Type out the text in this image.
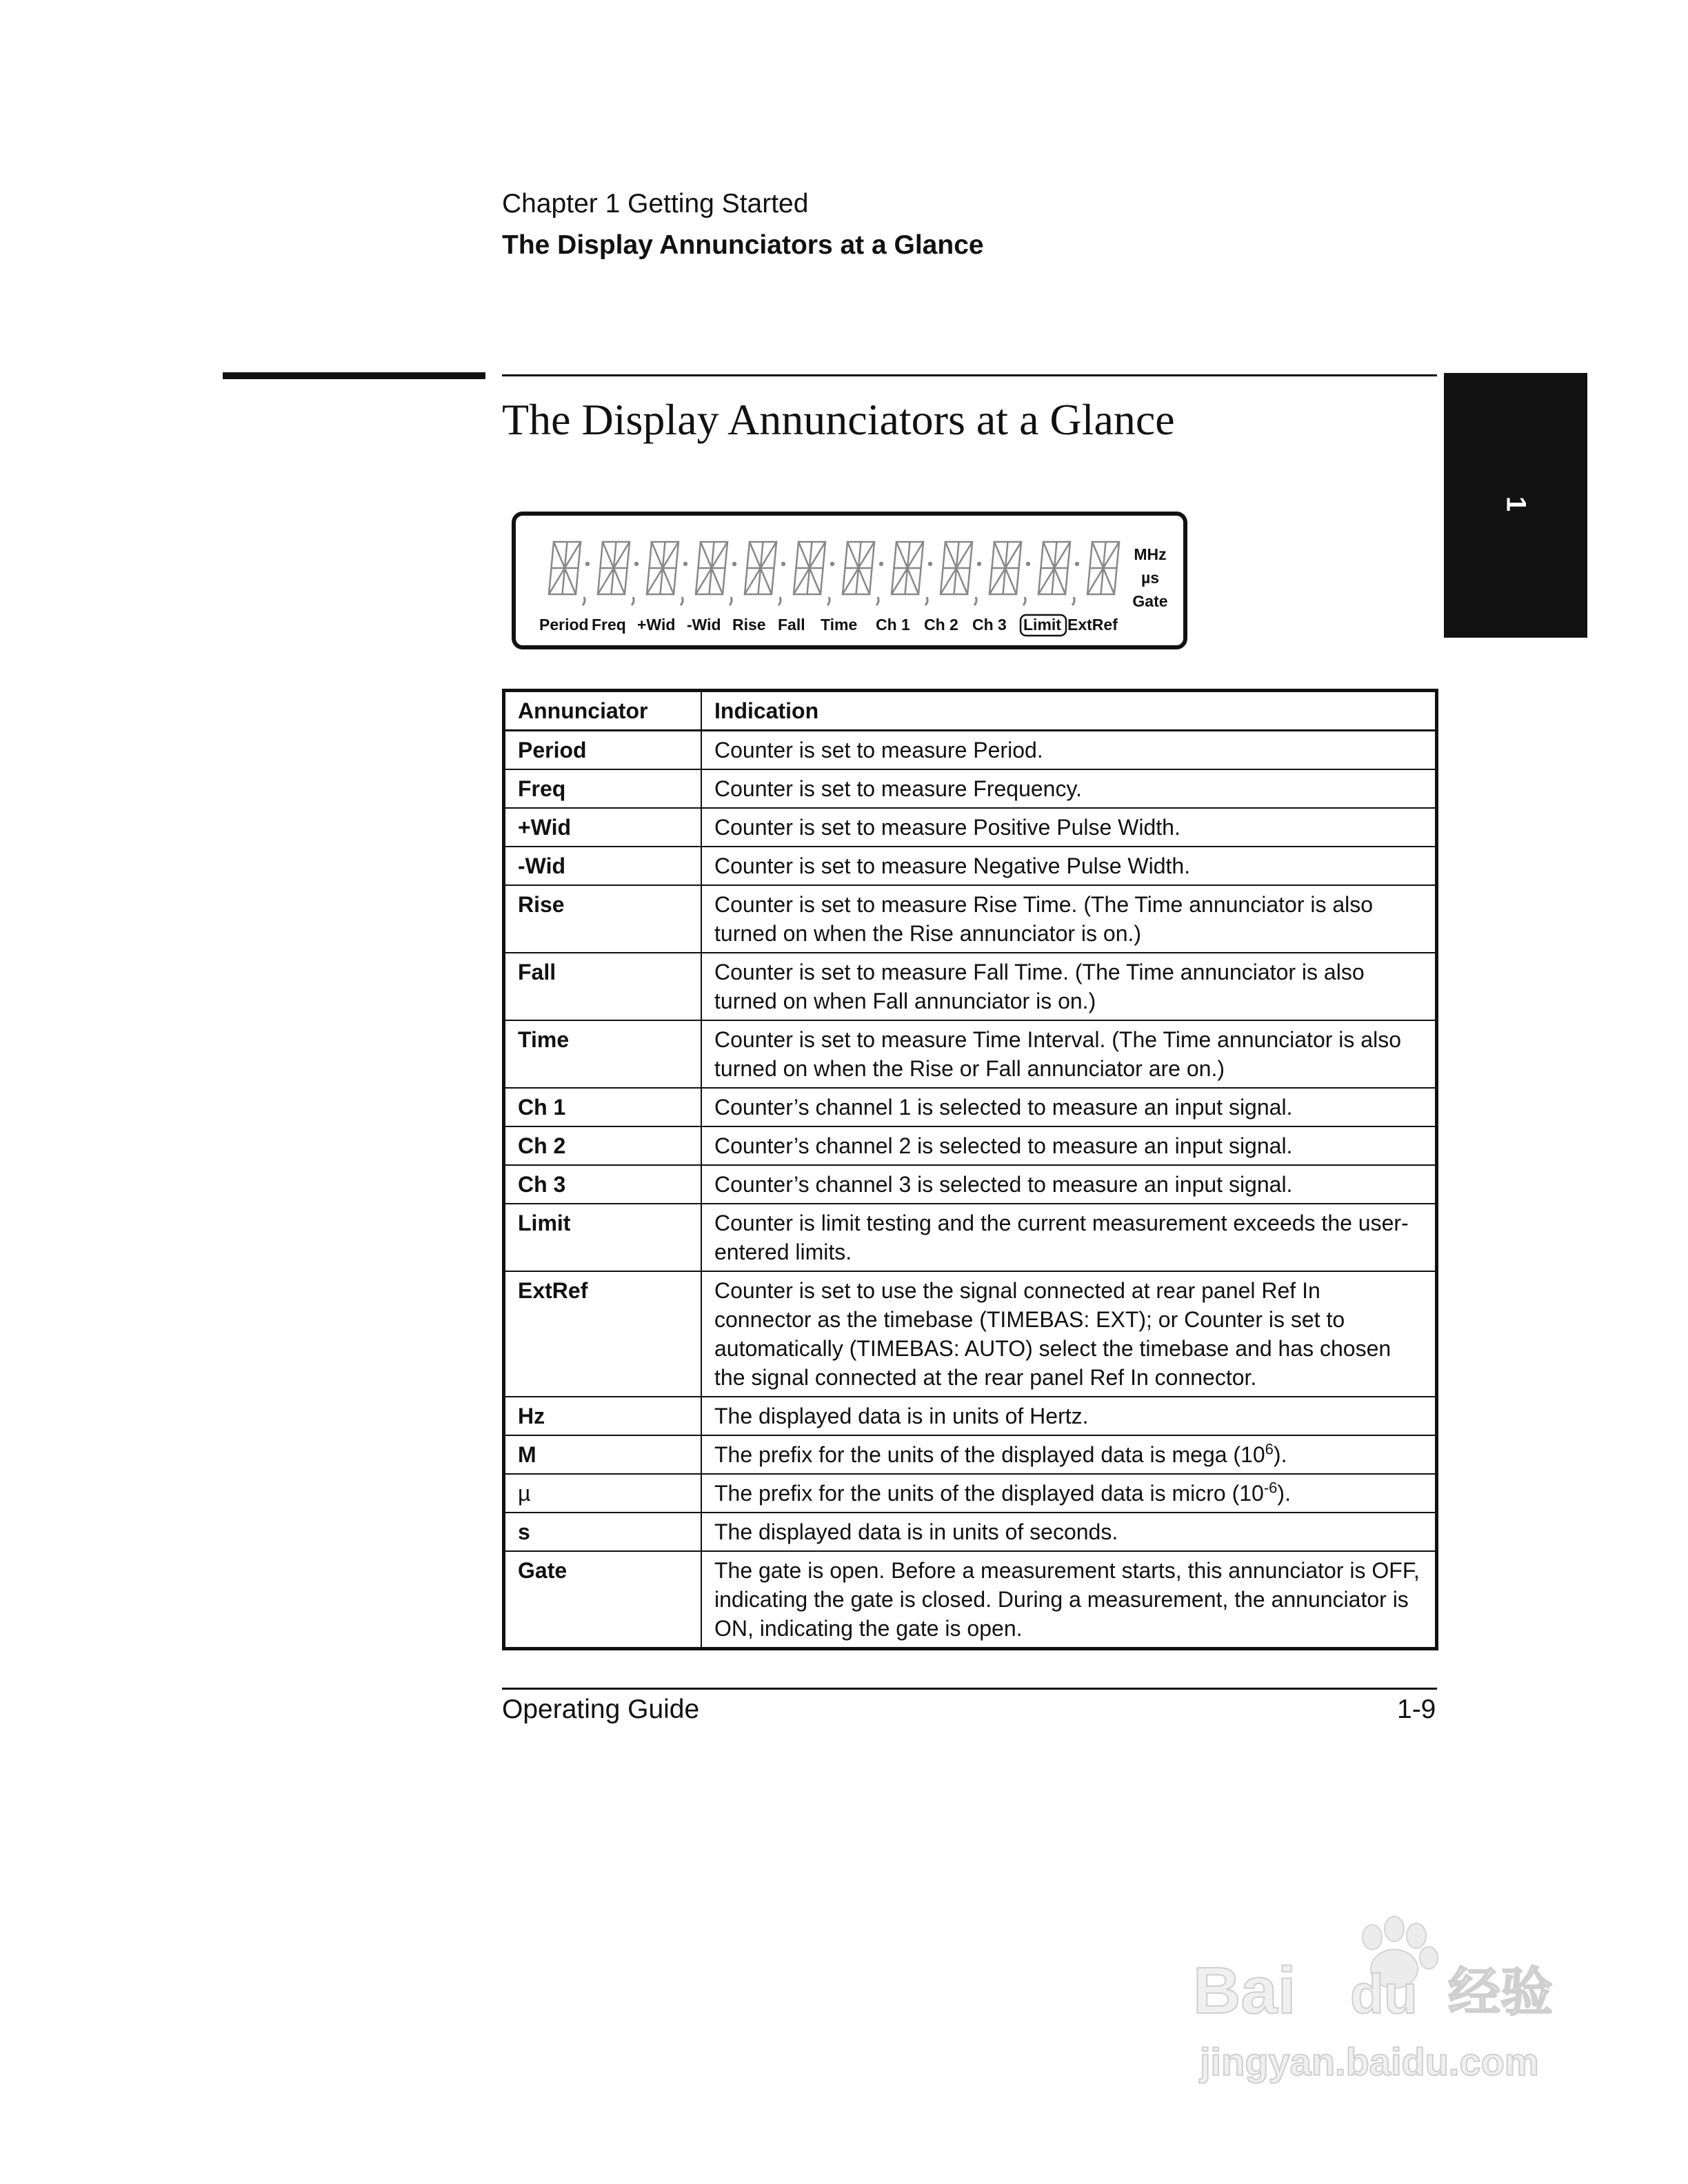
Chapter 1 Getting Started
The Display Annunciators at a Glance
1
The Display Annunciators at a Glance
MHz
µs
Gate
Period Freq +Wid -Wid Rise Fall Time Ch 1 Ch 2 Ch 3 Limit ExtRef
Annunciator	Indication
Period	Counter is set to measure Period.
Freq	Counter is set to measure Frequency.
+Wid	Counter is set to measure Positive Pulse Width.
-Wid	Counter is set to measure Negative Pulse Width.
Rise	Counter is set to measure Rise Time. (The Time annunciator is also turned on when the Rise annunciator is on.)
Fall	Counter is set to measure Fall Time. (The Time annunciator is also turned on when Fall annunciator is on.)
Time	Counter is set to measure Time Interval. (The Time annunciator is also turned on when the Rise or Fall annunciator are on.)
Ch 1	Counter’s channel 1 is selected to measure an input signal.
Ch 2	Counter’s channel 2 is selected to measure an input signal.
Ch 3	Counter’s channel 3 is selected to measure an input signal.
Limit	Counter is limit testing and the current measurement exceeds the user-entered limits.
ExtRef	Counter is set to use the signal connected at rear panel Ref In connector as the timebase (TIMEBAS: EXT); or Counter is set to automatically (TIMEBAS: AUTO) select the timebase and has chosen the signal connected at the rear panel Ref In connector.
Hz	The displayed data is in units of Hertz.
M	The prefix for the units of the displayed data is mega $(10^6)$.
µ	The prefix for the units of the displayed data is micro $(10^{-6})$.
s	The displayed data is in units of seconds.
Gate	The gate is open. Before a measurement starts, this annunciator is OFF, indicating the gate is closed. During a measurement, the annunciator is ON, indicating the gate is open.
Operating Guide	1-9
Bai du 经验
jingyan.baidu.com
